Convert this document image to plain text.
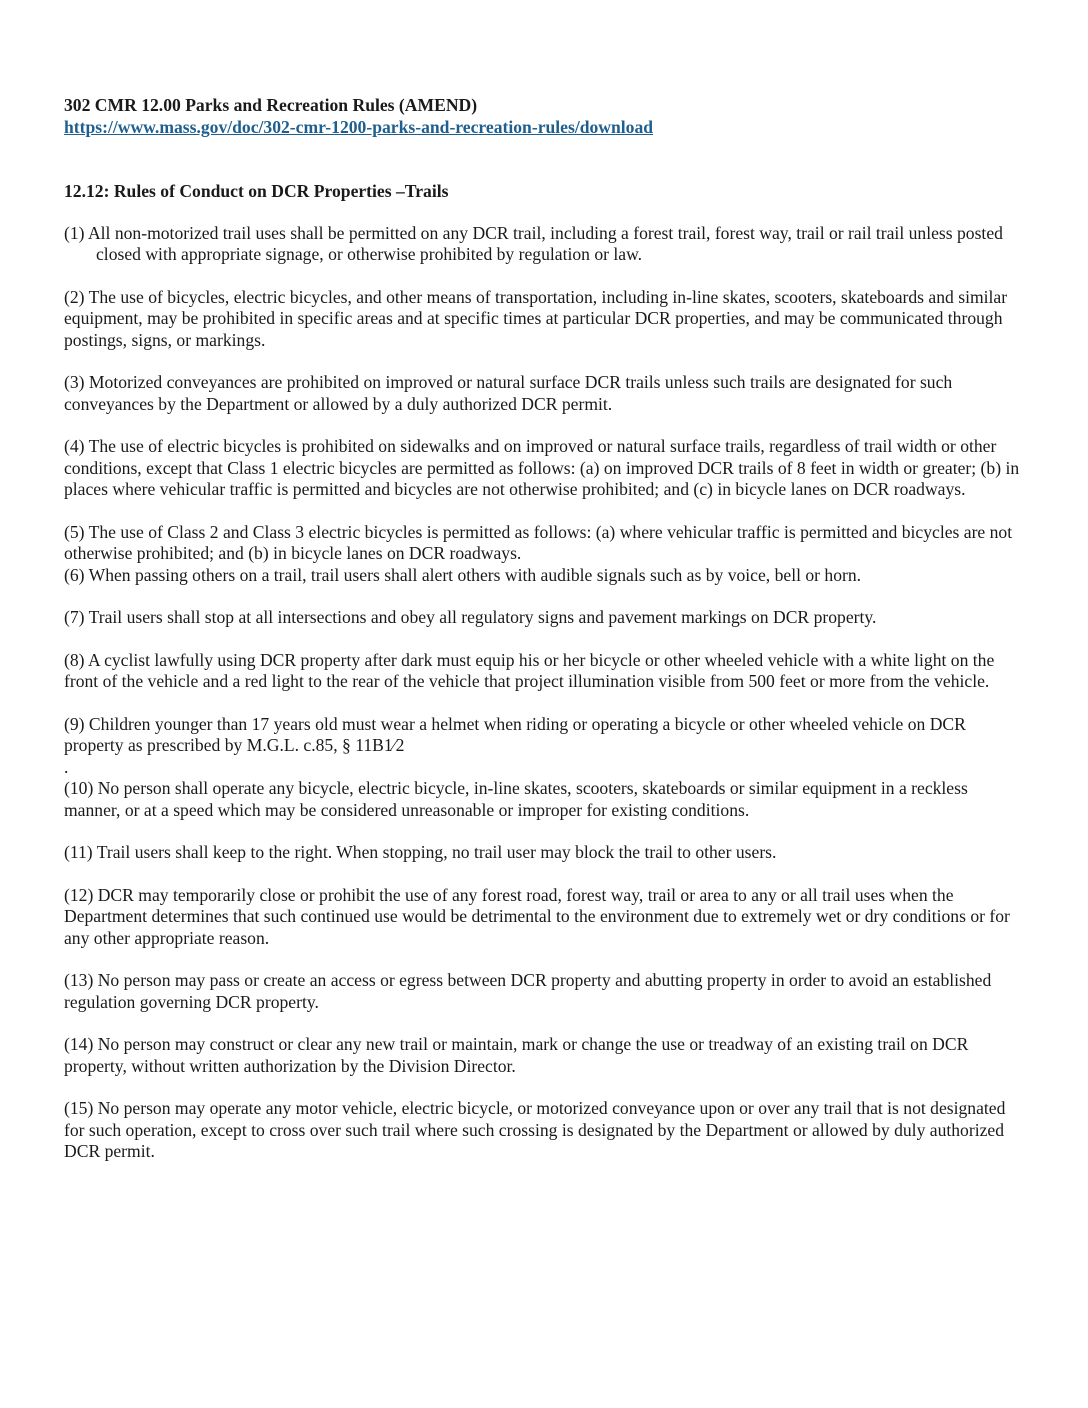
302 CMR 12.00 Parks and Recreation Rules (AMEND)

https://www.mass.gov/doc/302-cmr-1200-parks-and-recreation-rules/download

12.12: Rules of Conduct on DCR Properties –Trails

(1) All non-motorized trail uses shall be permitted on any DCR trail, including a forest trail, forest way, trail or rail trail unless posted closed with appropriate signage, or otherwise prohibited by regulation or law.

(2) The use of bicycles, electric bicycles, and other means of transportation, including in-line skates, scooters, skateboards and similar equipment, may be prohibited in specific areas and at specific times at particular DCR properties, and may be communicated through postings, signs, or markings.

(3) Motorized conveyances are prohibited on improved or natural surface DCR trails unless such trails are designated for such conveyances by the Department or allowed by a duly authorized DCR permit.

(4) The use of electric bicycles is prohibited on sidewalks and on improved or natural surface trails, regardless of trail width or other conditions, except that Class 1 electric bicycles are permitted as follows: (a) on improved DCR trails of 8 feet in width or greater; (b) in places where vehicular traffic is permitted and bicycles are not otherwise prohibited; and (c) in bicycle lanes on DCR roadways.

(5) The use of Class 2 and Class 3 electric bicycles is permitted as follows: (a) where vehicular traffic is permitted and bicycles are not otherwise prohibited; and (b) in bicycle lanes on DCR roadways.

(6) When passing others on a trail, trail users shall alert others with audible signals such as by voice, bell or horn.

(7) Trail users shall stop at all intersections and obey all regulatory signs and pavement markings on DCR property.

(8) A cyclist lawfully using DCR property after dark must equip his or her bicycle or other wheeled vehicle with a white light on the front of the vehicle and a red light to the rear of the vehicle that project illumination visible from 500 feet or more from the vehicle.

(9) Children younger than 17 years old must wear a helmet when riding or operating a bicycle or other wheeled vehicle on DCR property as prescribed by M.G.L. c.85, § 11B1⁄2

.

(10) No person shall operate any bicycle, electric bicycle, in-line skates, scooters, skateboards or similar equipment in a reckless manner, or at a speed which may be considered unreasonable or improper for existing conditions.

(11) Trail users shall keep to the right. When stopping, no trail user may block the trail to other users.

(12) DCR may temporarily close or prohibit the use of any forest road, forest way, trail or area to any or all trail uses when the Department determines that such continued use would be detrimental to the environment due to extremely wet or dry conditions or for any other appropriate reason.

(13) No person may pass or create an access or egress between DCR property and abutting property in order to avoid an established regulation governing DCR property.

(14) No person may construct or clear any new trail or maintain, mark or change the use or treadway of an existing trail on DCR property, without written authorization by the Division Director.

(15) No person may operate any motor vehicle, electric bicycle, or motorized conveyance upon or over any trail that is not designated for such operation, except to cross over such trail where such crossing is designated by the Department or allowed by duly authorized DCR permit.
